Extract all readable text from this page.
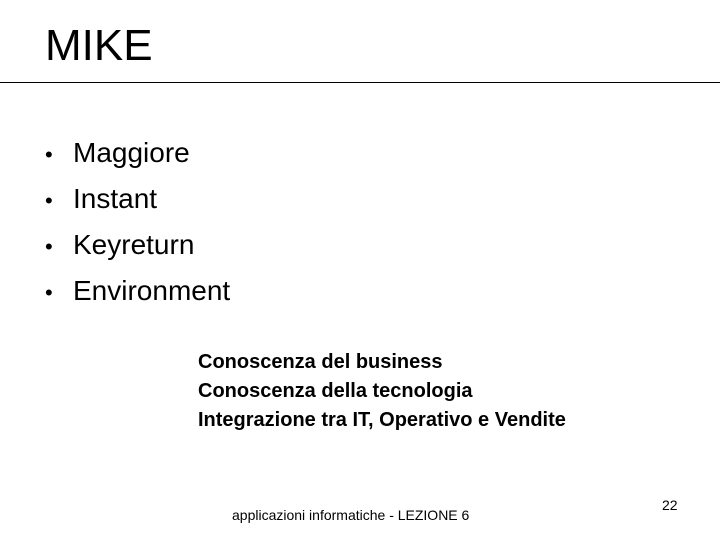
MIKE
• Maggiore
• Instant
• Keyreturn
• Environment
Conoscenza del business
Conoscenza della tecnologia
Integrazione tra IT, Operativo e Vendite
applicazioni informatiche - LEZIONE 6
22
